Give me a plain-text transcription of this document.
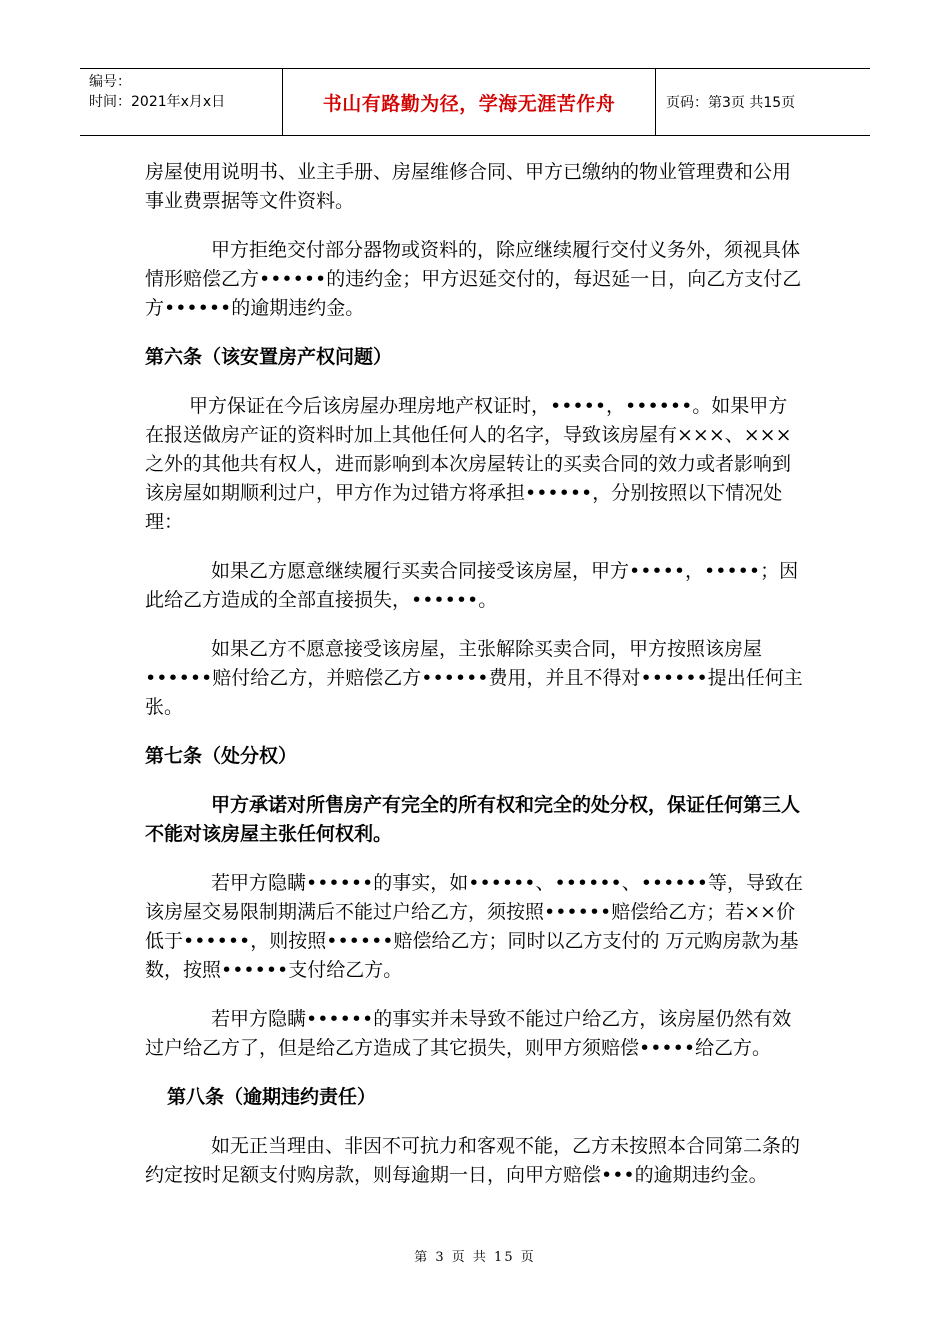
编号：
时间：2021年x月x日	书山有路勤为径，学海无涯苦作舟	页码：第3页 共15页

房屋使用说明书、业主手册、房屋维修合同、甲方已缴纳的物业管理费和公用事业费票据等文件资料。

甲方拒绝交付部分器物或资料的，除应继续履行交付义务外，须视具体情形赔偿乙方••••••的违约金；甲方迟延交付的，每迟延一日，向乙方支付乙方••••••的逾期违约金。

第六条（该安置房产权问题）

甲方保证在今后该房屋办理房地产权证时，•••••，••••••。如果甲方在报送做房产证的资料时加上其他任何人的名字，导致该房屋有×××、×××之外的其他共有权人，进而影响到本次房屋转让的买卖合同的效力或者影响到该房屋如期顺利过户，甲方作为过错方将承担••••••，分别按照以下情况处理：

如果乙方愿意继续履行买卖合同接受该房屋，甲方•••••，•••••；因此给乙方造成的全部直接损失，••••••。

如果乙方不愿意接受该房屋，主张解除买卖合同，甲方按照该房屋••••••赔付给乙方，并赔偿乙方••••••费用，并且不得对••••••提出任何主张。

第七条（处分权）

甲方承诺对所售房产有完全的所有权和完全的处分权，保证任何第三人不能对该房屋主张任何权利。

若甲方隐瞒••••••的事实，如••••••、••••••、••••••等，导致在该房屋交易限制期满后不能过户给乙方，须按照••••••赔偿给乙方；若××价低于••••••，则按照••••••赔偿给乙方；同时以乙方支付的 万元购房款为基数，按照••••••支付给乙方。

若甲方隐瞒••••••的事实并未导致不能过户给乙方，该房屋仍然有效过户给乙方了，但是给乙方造成了其它损失，则甲方须赔偿•••••给乙方。

第八条（逾期违约责任）

如无正当理由、非因不可抗力和客观不能，乙方未按照本合同第二条的约定按时足额支付购房款，则每逾期一日，向甲方赔偿•••的逾期违约金。

第 3 页 共 15 页
